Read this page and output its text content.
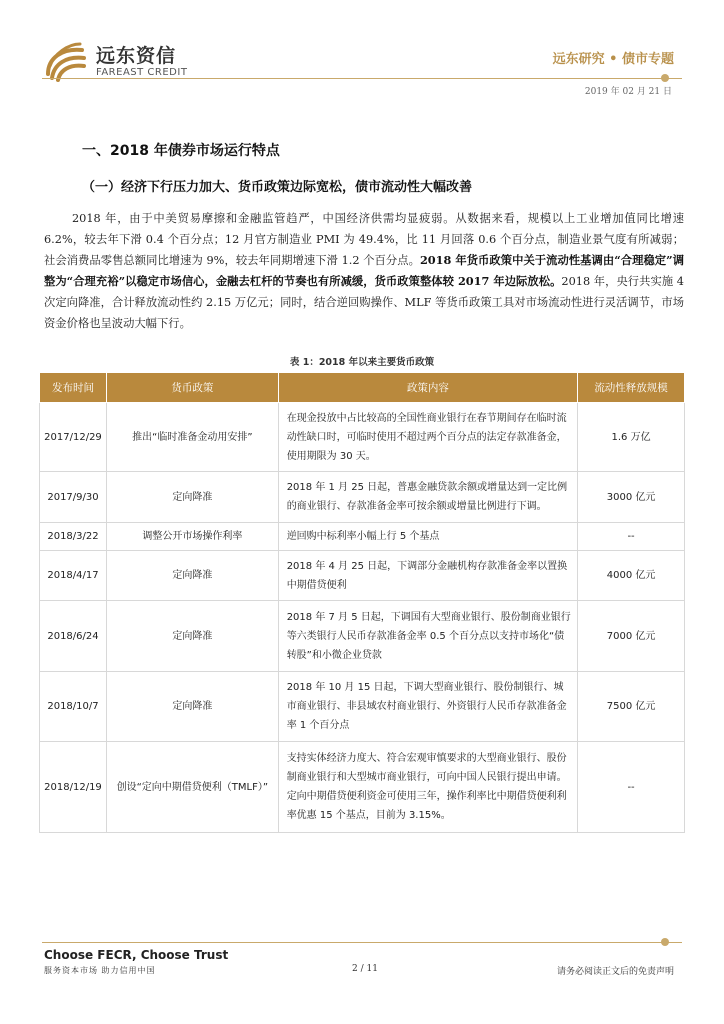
远东资信
FAREAST CREDIT
远东研究 • 债市专题
2019 年 02 月 21 日
一、2018 年债券市场运行特点
（一）经济下行压力加大、货币政策边际宽松，债市流动性大幅改善
2018 年，由于中美贸易摩擦和金融监管趋严，中国经济供需均显疲弱。从数据来看，规模以上工业增加值同比增速 6.2%，较去年下滑 0.4 个百分点；12 月官方制造业 PMI 为 49.4%，比 11 月回落 0.6 个百分点，制造业景气度有所减弱；社会消费品零售总额同比增速为 9%，较去年同期增速下滑 1.2 个百分点。2018 年货币政策中关于流动性基调由“合理稳定”调整为“合理充裕”以稳定市场信心，金融去杠杆的节奏也有所减缓，货币政策整体较 2017 年边际放松。2018 年，央行共实施 4 次定向降准，合计释放流动性约 2.15 万亿元；同时，结合逆回购操作、MLF 等货币政策工具对市场流动性进行灵活调节，市场资金价格也呈波动大幅下行。
表 1：2018 年以来主要货币政策
发布时间	货币政策	政策内容	流动性释放规模
2017/12/29	推出“临时准备金动用安排”	在现金投放中占比较高的全国性商业银行在春节期间存在临时流动性缺口时，可临时使用不超过两个百分点的法定存款准备金，使用期限为 30 天。	1.6 万亿
2017/9/30	定向降准	2018 年 1 月 25 日起，普惠金融贷款余额或增量达到一定比例的商业银行、存款准备金率可按余额或增量比例进行下调。	3000 亿元
2018/3/22	调整公开市场操作利率	逆回购中标利率小幅上行 5 个基点	--
2018/4/17	定向降准	2018 年 4 月 25 日起，下调部分金融机构存款准备金率以置换中期借贷便利	4000 亿元
2018/6/24	定向降准	2018 年 7 月 5 日起，下调国有大型商业银行、股份制商业银行等六类银行人民币存款准备金率 0.5 个百分点以支持市场化“债转股”和小微企业贷款	7000 亿元
2018/10/7	定向降准	2018 年 10 月 15 日起，下调大型商业银行、股份制银行、城市商业银行、非县域农村商业银行、外资银行人民币存款准备金率 1 个百分点	7500 亿元
2018/12/19	创设“定向中期借贷便利（TMLF）”	支持实体经济力度大、符合宏观审慎要求的大型商业银行、股份制商业银行和大型城市商业银行，可向中国人民银行提出申请。定向中期借贷便利资金可使用三年，操作利率比中期借贷便利利率优惠 15 个基点，目前为 3.15%。	--
Choose FECR, Choose Trust
服务资本市场 助力信用中国	2 / 11	请务必阅读正文后的免责声明
